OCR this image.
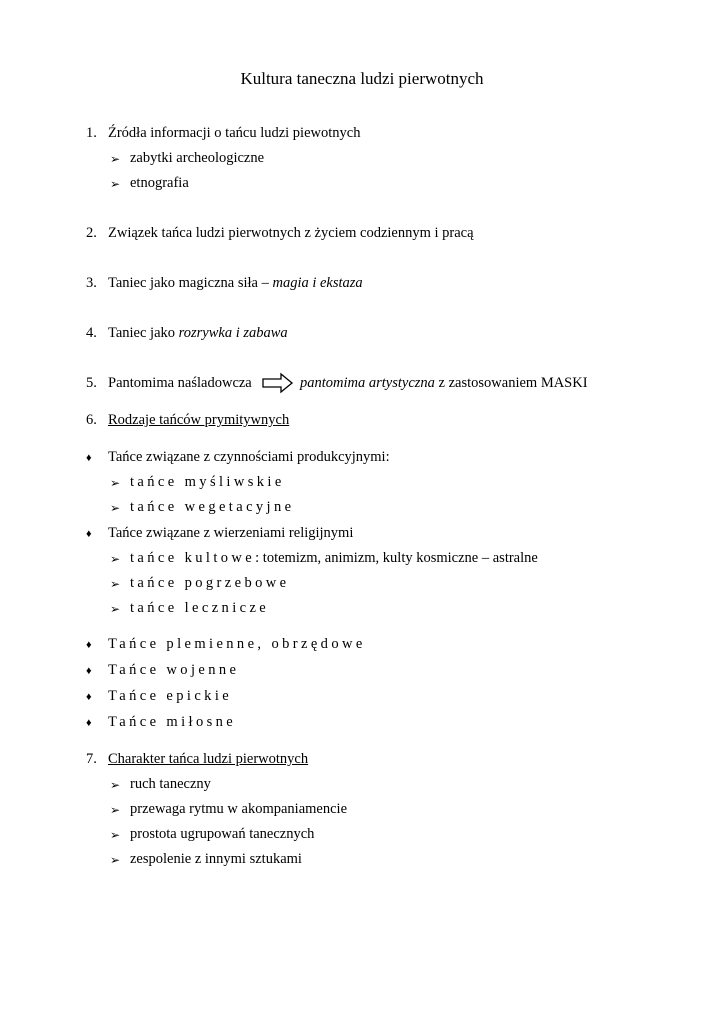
Kultura taneczna ludzi pierwotnych
1. Źródła informacji o tańcu ludzi piewotnych
➢ zabytki archeologiczne
➢ etnografia
2. Związek tańca ludzi pierwotnych z życiem codziennym i pracą
3. Taniec jako magiczna siła – magia i ekstaza
4. Taniec jako rozrywka i zabawa
5. Pantomima naśladowcza	pantomima artystyczna z zastosowaniem MASKI
6. Rodzaje tańców prymitywnych
♦ Tańce związane z czynnościami produkcyjnymi:
➢ tańce myśliwskie
➢ tańce wegetacyjne
♦ Tańce związane z wierzeniami religijnymi
➢ tańce kultowe: totemizm, animizm, kulty kosmiczne – astralne
➢ tańce pogrzebowe
➢ tańce lecznicze
♦ Tańce plemienne, obrzędowe
♦ Tańce wojenne
♦ Tańce epickie
♦ Tańce miłosne
7. Charakter tańca ludzi pierwotnych
➢ ruch taneczny
➢ przewaga rytmu w akompaniamencie
➢ prostota ugrupowań tanecznych
➢ zespolenie z innymi sztukami
